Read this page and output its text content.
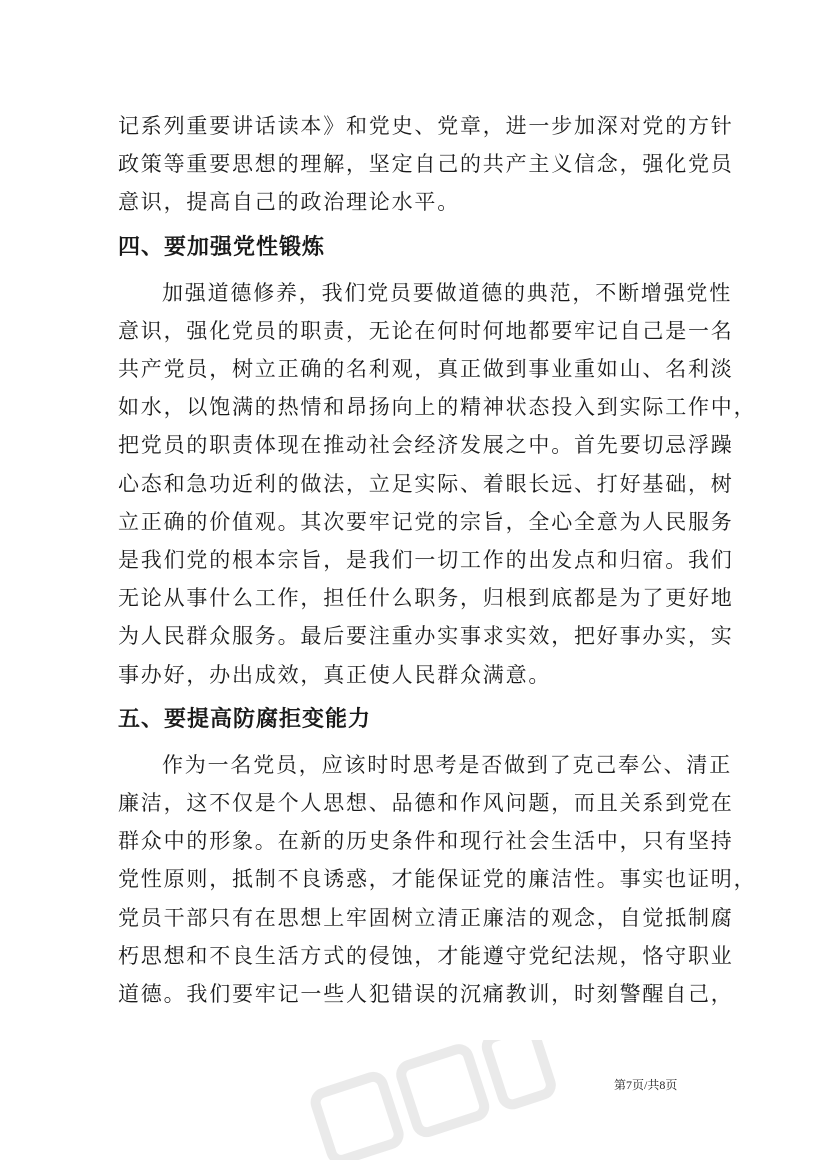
记系列重要讲话读本》和党史、党章，进一步加深对党的方针
政策等重要思想的理解，坚定自己的共产主义信念，强化党员
意识，提高自己的政治理论水平。

四、要加强党性锻炼

加强道德修养，我们党员要做道德的典范，不断增强党性
意识，强化党员的职责，无论在何时何地都要牢记自己是一名
共产党员，树立正确的名利观，真正做到事业重如山、名利淡
如水，以饱满的热情和昂扬向上的精神状态投入到实际工作中，
把党员的职责体现在推动社会经济发展之中。首先要切忌浮躁
心态和急功近利的做法，立足实际、着眼长远、打好基础，树
立正确的价值观。其次要牢记党的宗旨，全心全意为人民服务
是我们党的根本宗旨，是我们一切工作的出发点和归宿。我们
无论从事什么工作，担任什么职务，归根到底都是为了更好地
为人民群众服务。最后要注重办实事求实效，把好事办实，实
事办好，办出成效，真正使人民群众满意。

五、要提高防腐拒变能力

作为一名党员，应该时时思考是否做到了克己奉公、清正
廉洁，这不仅是个人思想、品德和作风问题，而且关系到党在
群众中的形象。在新的历史条件和现行社会生活中，只有坚持
党性原则，抵制不良诱惑，才能保证党的廉洁性。事实也证明，
党员干部只有在思想上牢固树立清正廉洁的观念，自觉抵制腐
朽思想和不良生活方式的侵蚀，才能遵守党纪法规，恪守职业
道德。我们要牢记一些人犯错误的沉痛教训，时刻警醒自己，

第7页/共8页
